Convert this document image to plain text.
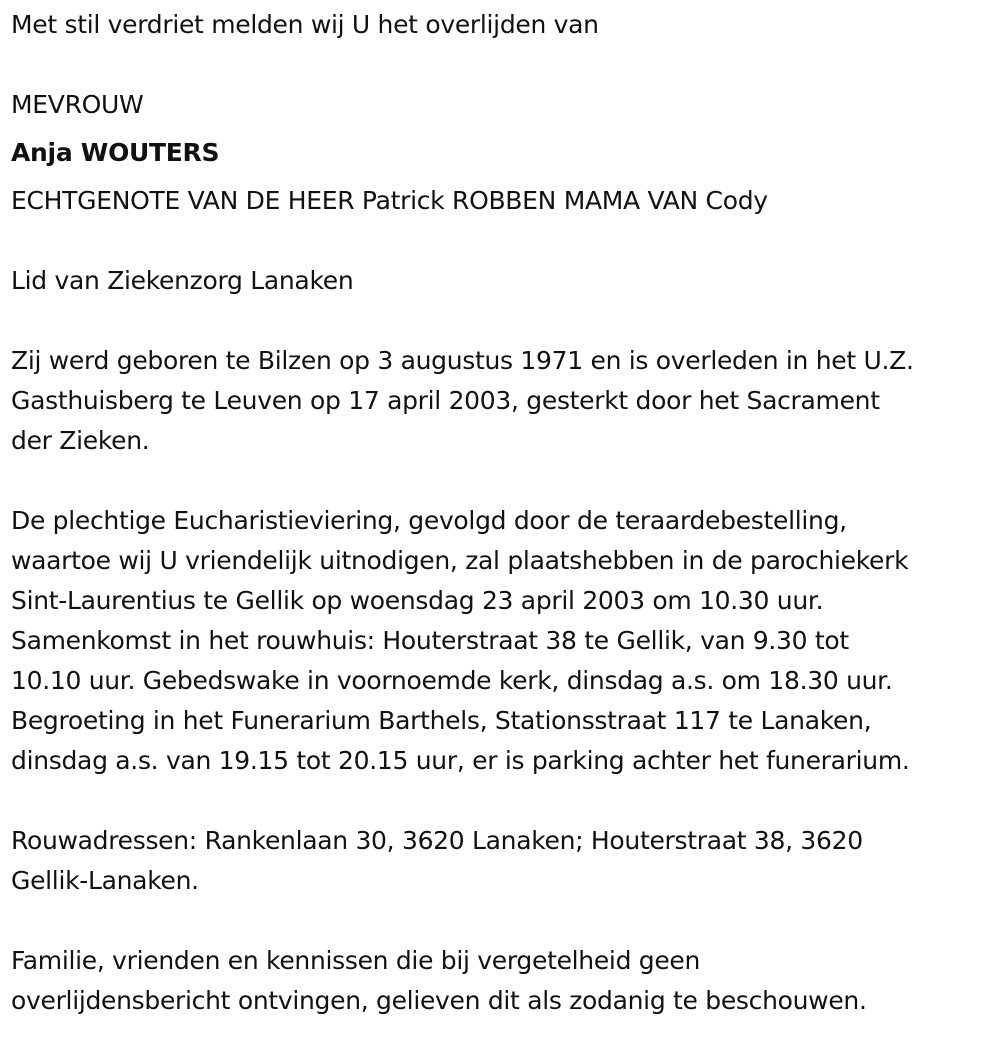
Met stil verdriet melden wij U het overlijden van
MEVROUW
Anja WOUTERS
ECHTGENOTE VAN DE HEER Patrick ROBBEN MAMA VAN Cody
Lid van Ziekenzorg Lanaken
Zij werd geboren te Bilzen op 3 augustus 1971 en is overleden in het U.Z.
Gasthuisberg te Leuven op 17 april 2003, gesterkt door het Sacrament
der Zieken.
De plechtige Eucharistieviering, gevolgd door de teraardebestelling,
waartoe wij U vriendelijk uitnodigen, zal plaatshebben in de parochiekerk
Sint-Laurentius te Gellik op woensdag 23 april 2003 om 10.30 uur.
Samenkomst in het rouwhuis: Houterstraat 38 te Gellik, van 9.30 tot
10.10 uur. Gebedswake in voornoemde kerk, dinsdag a.s. om 18.30 uur.
Begroeting in het Funerarium Barthels, Stationsstraat 117 te Lanaken,
dinsdag a.s. van 19.15 tot 20.15 uur, er is parking achter het funerarium.
Rouwadressen: Rankenlaan 30, 3620 Lanaken; Houterstraat 38, 3620
Gellik-Lanaken.
Familie, vrienden en kennissen die bij vergetelheid geen
overlijdensbericht ontvingen, gelieven dit als zodanig te beschouwen.
